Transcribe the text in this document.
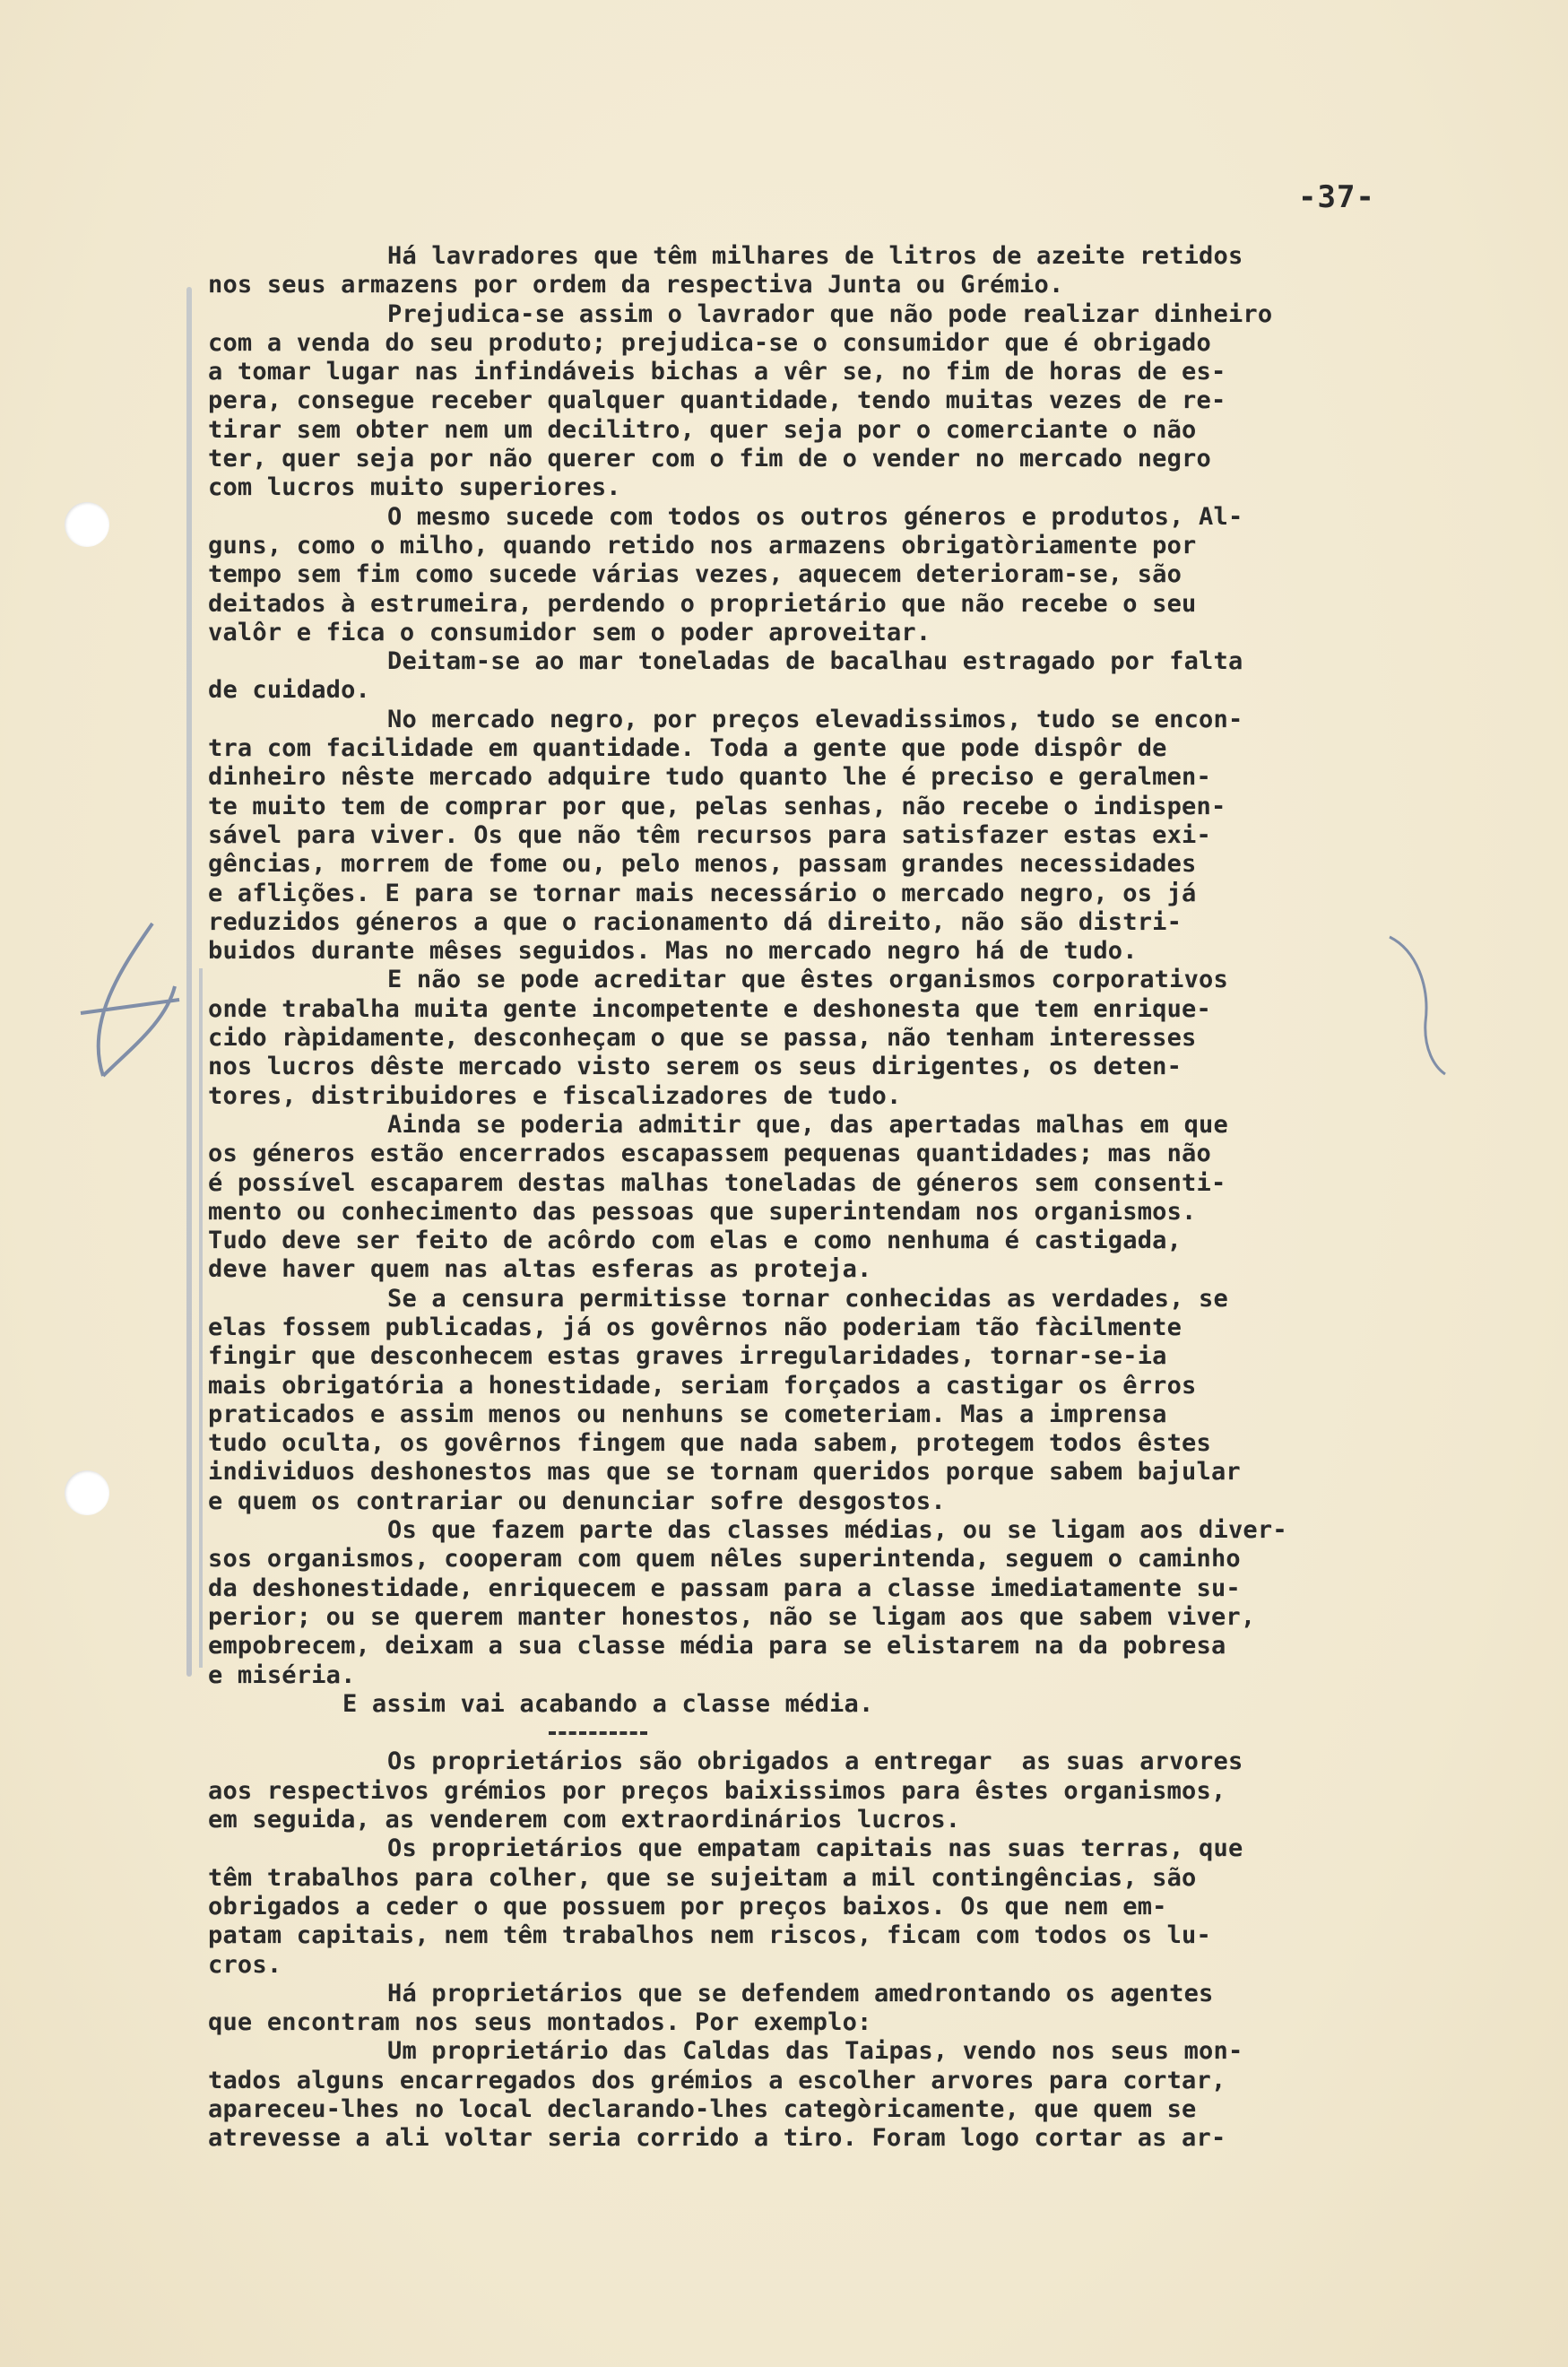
-37-
Há lavradores que têm milhares de litros de azeite retidos
nos seus armazens por ordem da respectiva Junta ou Grémio.
Prejudica-se assim o lavrador que não pode realizar dinheiro
com a venda do seu produto; prejudica-se o consumidor que é obrigado
a tomar lugar nas infindáveis bichas a vêr se, no fim de horas de es-
pera, consegue receber qualquer quantidade, tendo muitas vezes de re-
tirar sem obter nem um decilitro, quer seja por o comerciante o não
ter, quer seja por não querer com o fim de o vender no mercado negro
com lucros muito superiores.
O mesmo sucede com todos os outros géneros e produtos, Al-
guns, como o milho, quando retido nos armazens obrigatòriamente por
tempo sem fim como sucede várias vezes, aquecem deterioram-se, são
deitados à estrumeira, perdendo o proprietário que não recebe o seu
valôr e fica o consumidor sem o poder aproveitar.
Deitam-se ao mar toneladas de bacalhau estragado por falta
de cuidado.
No mercado negro, por preços elevadissimos, tudo se encon-
tra com facilidade em quantidade. Toda a gente que pode dispôr de
dinheiro nêste mercado adquire tudo quanto lhe é preciso e geralmen-
te muito tem de comprar por que, pelas senhas, não recebe o indispen-
sável para viver. Os que não têm recursos para satisfazer estas exi-
gências, morrem de fome ou, pelo menos, passam grandes necessidades
e aflições. E para se tornar mais necessário o mercado negro, os já
reduzidos géneros a que o racionamento dá direito, não são distri-
buidos durante mêses seguidos. Mas no mercado negro há de tudo.
E não se pode acreditar que êstes organismos corporativos
onde trabalha muita gente incompetente e deshonesta que tem enrique-
cido ràpidamente, desconheçam o que se passa, não tenham interesses
nos lucros dêste mercado visto serem os seus dirigentes, os deten-
tores, distribuidores e fiscalizadores de tudo.
Ainda se poderia admitir que, das apertadas malhas em que
os géneros estão encerrados escapassem pequenas quantidades; mas não
é possível escaparem destas malhas toneladas de géneros sem consenti-
mento ou conhecimento das pessoas que superintendam nos organismos.
Tudo deve ser feito de acôrdo com elas e como nenhuma é castigada,
deve haver quem nas altas esferas as proteja.
Se a censura permitisse tornar conhecidas as verdades, se
elas fossem publicadas, já os govêrnos não poderiam tão fàcilmente
fingir que desconhecem estas graves irregularidades, tornar-se-ia
mais obrigatória a honestidade, seriam forçados a castigar os êrros
praticados e assim menos ou nenhuns se cometeriam. Mas a imprensa
tudo oculta, os govêrnos fingem que nada sabem, protegem todos êstes
individuos deshonestos mas que se tornam queridos porque sabem bajular
e quem os contrariar ou denunciar sofre desgostos.
Os que fazem parte das classes médias, ou se ligam aos diver-
sos organismos, cooperam com quem nêles superintenda, seguem o caminho
da deshonestidade, enriquecem e passam para a classe imediatamente su-
perior; ou se querem manter honestos, não se ligam aos que sabem viver,
empobrecem, deixam a sua classe média para se elistarem na da pobresa
e miséria.
E assim vai acabando a classe média.
Os proprietários são obrigados a entregar  as suas arvores
aos respectivos grémios por preços baixissimos para êstes organismos,
em seguida, as venderem com extraordinários lucros.
Os proprietários que empatam capitais nas suas terras, que
têm trabalhos para colher, que se sujeitam a mil contingências, são
obrigados a ceder o que possuem por preços baixos. Os que nem em-
patam capitais, nem têm trabalhos nem riscos, ficam com todos os lu-
cros.
Há proprietários que se defendem amedrontando os agentes
que encontram nos seus montados. Por exemplo:
Um proprietário das Caldas das Taipas, vendo nos seus mon-
tados alguns encarregados dos grémios a escolher arvores para cortar,
apareceu-lhes no local declarando-lhes categòricamente, que quem se
atrevesse a ali voltar seria corrido a tiro. Foram logo cortar as ar-
